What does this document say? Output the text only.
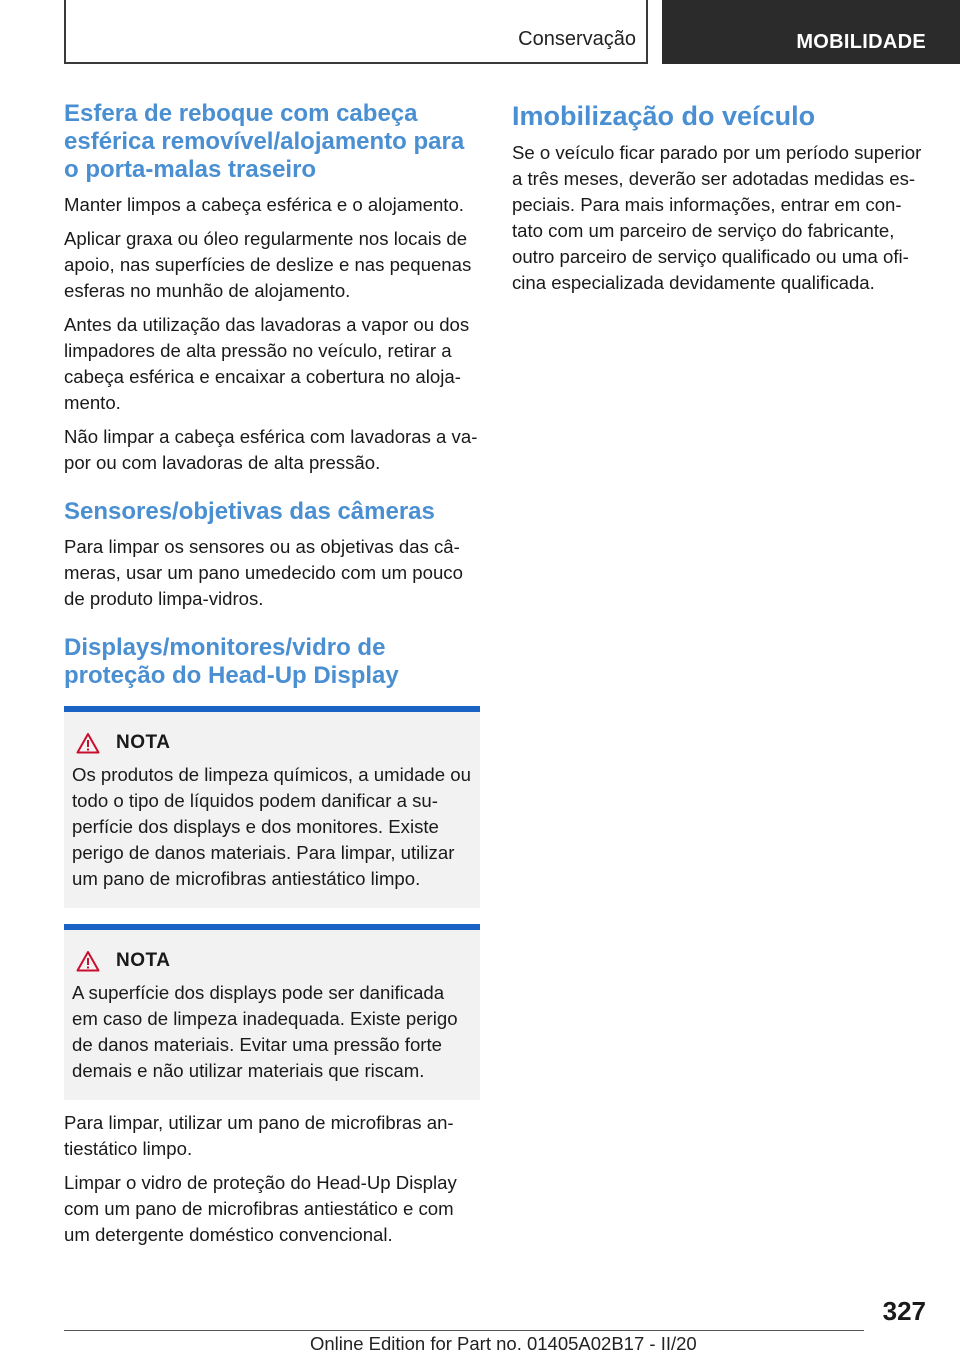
Conservação	MOBILIDADE
Esfera de reboque com cabeça esférica removível/alojamento para o porta-malas traseiro

Manter limpos a cabeça esférica e o alojamento.

Aplicar graxa ou óleo regularmente nos locais de apoio, nas superfícies de deslize e nas pequenas esferas no munhão de alojamento.

Antes da utilização das lavadoras a vapor ou dos limpadores de alta pressão no veículo, retirar a cabeça esférica e encaixar a cobertura no aloja-mento.

Não limpar a cabeça esférica com lavadoras a va-por ou com lavadoras de alta pressão.

Sensores/objetivas das câmeras

Para limpar os sensores ou as objetivas das câ-meras, usar um pano umedecido com um pouco de produto limpa-vidros.

Displays/monitores/vidro de proteção do Head-Up Display
NOTA

Os produtos de limpeza químicos, a umidade ou todo o tipo de líquidos podem danificar a su-perfície dos displays e dos monitores. Existe perigo de danos materiais. Para limpar, utilizar um pano de microfibras antiestático limpo.

NOTA

A superfície dos displays pode ser danificada em caso de limpeza inadequada. Existe perigo de danos materiais. Evitar uma pressão forte demais e não utilizar materiais que riscam.

Para limpar, utilizar um pano de microfibras an-tiestático limpo.

Limpar o vidro de proteção do Head-Up Display com um pano de microfibras antiestático e com um detergente doméstico convencional.

Imobilização do veículo

Se o veículo ficar parado por um período superior a três meses, deverão ser adotadas medidas es-peciais. Para mais informações, entrar em con-tato com um parceiro de serviço do fabricante, outro parceiro de serviço qualificado ou uma ofi-cina especializada devidamente qualificada.

327
Online Edition for Part no. 01405A02B17 - II/20
